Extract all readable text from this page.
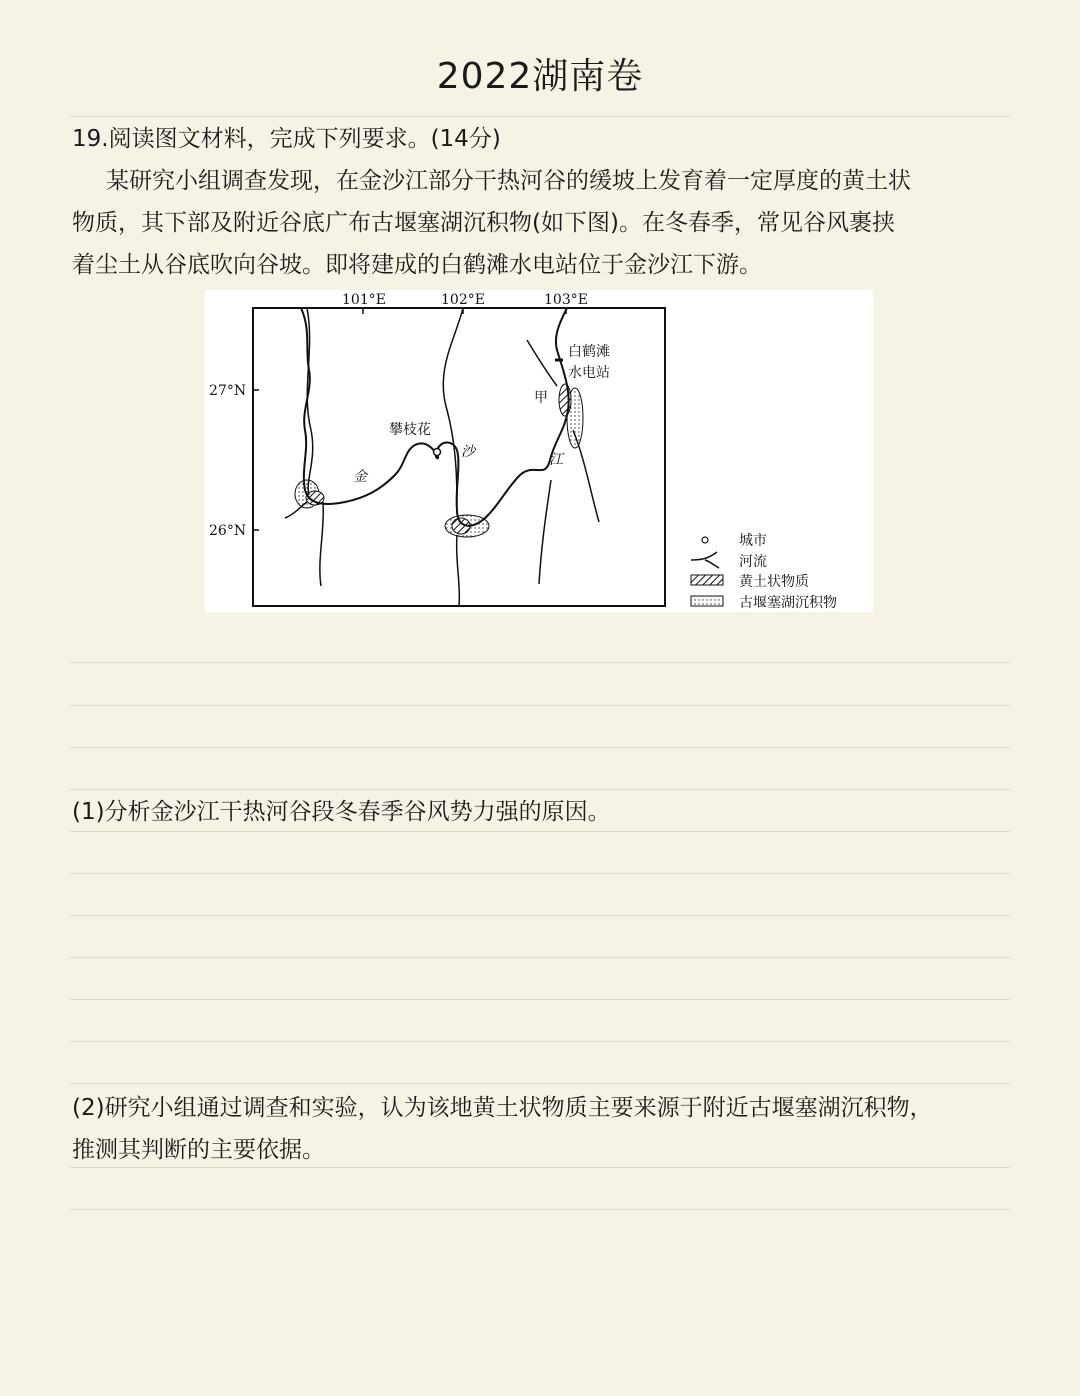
2022湖南卷
19.阅读图文材料，完成下列要求。(14分)
某研究小组调查发现，在金沙江部分干热河谷的缓坡上发育着一定厚度的黄土状
物质，其下部及附近谷底广布古堰塞湖沉积物(如下图)。在冬春季，常见谷风裹挟
着尘土从谷底吹向谷坡。即将建成的白鹤滩水电站位于金沙江下游。
101°E	102°E	103°E
27°N
26°N
白鹤滩
水电站
甲
攀枝花
金
沙	江
城市
河流
黄土状物质
古堰塞湖沉积物
(1)分析金沙江干热河谷段冬春季谷风势力强的原因。
(2)研究小组通过调查和实验，认为该地黄土状物质主要来源于附近古堰塞湖沉积物，
推测其判断的主要依据。
